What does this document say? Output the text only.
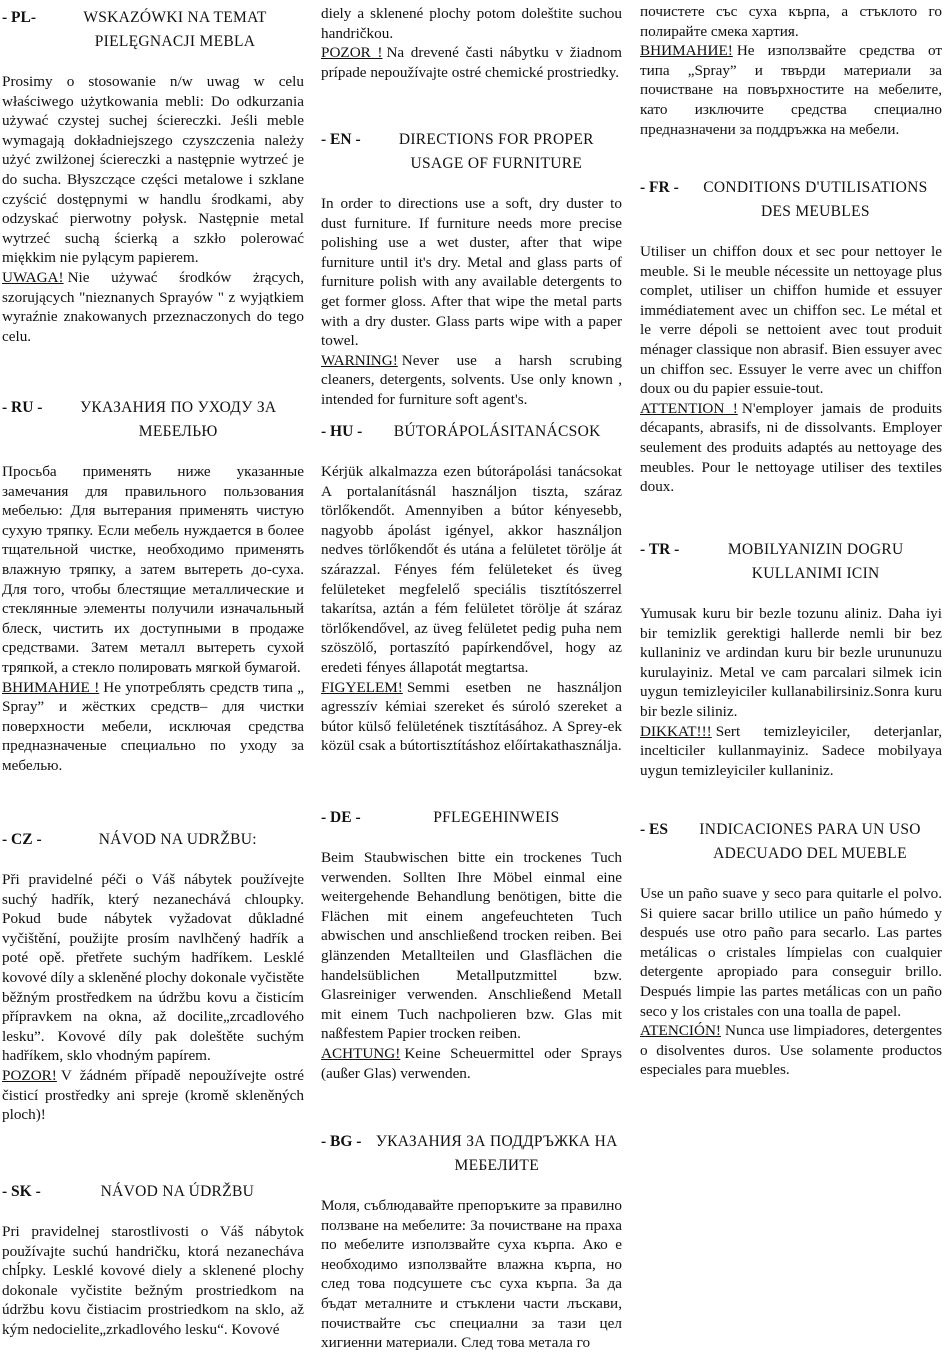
- PL-	WSKAZÓWKI NA TEMAT PIELĘGNACJI MEBLA

Prosimy o stosowanie n/w uwag w celu właściwego użytkowania mebli: Do odkurzania używać czystej suchej ściereczki. Jeśli meble wymagają dokładniejszego czyszczenia należy użyć zwilżonej ściereczki a następnie wytrzeć je do sucha. Błyszczące części metalowe i szklane czyścić dostępnymi w handlu środkami, aby odzyskać pierwotny połysk. Następnie metal wytrzeć suchą ścierką a szkło polerować miękkim nie pylącym papierem.

UWAGA! Nie używać środków żrących, szorujących "nieznanych Sprayów " z wyjątkiem wyraźnie znakowanych przeznaczonych do tego celu.

- RU -	УКАЗАНИЯ ПО УХОДУ ЗА МЕБЕЛЬЮ

Просьба применять ниже указанные замечания для правильного пользования мебелью: Для вытерания применять чистую сухую тряпку. Если мебель нуждается в более тщательной чистке, необходимо применять влажную тряпку, а затем вытереть до-суха. Для того, чтобы блестящие металлические и стеклянные элементы получили изначальный блеск, чистить их доступными в продаже средствами. Затем металл вытереть сухой тряпкой, а стекло полировать мягкой бумагой.

ВНИМАНИЕ ! Не употреблять средств типа „ Spray” и жёстких средств– для чистки поверхности мебели, исключая средства предназначеные специально по уходу за мебелью.

- CZ -	NÁVOD NA UDRŽBU:

Při pravidelné péči o Váš nábytek používejte suchý hadřík, který nezanechává chloupky. Pokud bude nábytek vyžadovat důkladné vyčištění, použijte prosím navlhčený hadřík a poté opě. přetřete suchým hadříkem. Lesklé kovové díly a skleněné plochy dokonale vyčistěte běžným prostředkem na údržbu kovu a čisticím přípravkem na okna, až docilite„zrcadlového lesku”. Kovové díly pak doleštěte suchým hadříkem, sklo vhodným papírem.

POZOR! V žádném případě nepoužívejte ostré čisticí prostředky ani spreje (kromě skleněných ploch)!

- SK -	NÁVOD NA ÚDRŽBU

Pri pravidelnej starostlivosti o Váš nábytok používajte suchú handričku, ktorá nezanecháva chĺpky. Lesklé kovové diely a sklenené plochy dokonale vyčistite bežným prostriedkom na údržbu kovu čistiacim prostriedkom na sklo, až kým nedocielite„zrkadlového lesku“. Kovové

diely a sklenené plochy potom doleštite suchou handričkou.

POZOR ! Na drevené časti nábytku v žiadnom prípade nepoužívajte ostré chemické prostriedky.

- EN -	DIRECTIONS FOR PROPER USAGE OF FURNITURE

In order to directions use a soft, dry duster to dust furniture. If furniture needs more precise polishing use a wet duster, after that wipe furniture until it's dry. Metal and glass parts of furniture polish with any available detergents to get former gloss. After that wipe the metal parts with a dry duster. Glass parts wipe with a paper towel.

WARNING! Never use a harsh scrubing cleaners, detergents, solvents. Use only known , intended for furniture soft agent's.

- HU -	BÚTORÁPOLÁSITANÁCSOK

Kérjük alkalmazza ezen bútorápolási tanácsokat A portalanításnál használjon tiszta, száraz törlőkendőt. Amennyiben a bútor kényesebb, nagyobb ápolást igényel, akkor használjon nedves törlőkendőt és utána a felületet törölje át szárazzal. Fényes fém felületeket és üveg felületeket megfelelő speciális tisztítószerrel takarítsa, aztán a fém felületet törölje át száraz törlőkendővel, az üveg felületet pedig puha nem szöszölő, portaszító papírkendővel, hogy az eredeti fényes állapotát megtartsa.

FIGYELEM! Semmi esetben ne használjon agresszív kémiai szereket és súroló szereket a bútor külső felületének tisztításához. A Sprey-ek közül csak a bútortisztításhoz előírtakathasználja.

- DE -	PFLEGEHINWEIS

Beim Staubwischen bitte ein trockenes Tuch verwenden. Sollten Ihre Möbel einmal eine weitergehende Behandlung benötigen, bitte die Flächen mit einem angefeuchteten Tuch abwischen und anschließend trocken reiben. Bei glänzenden Metallteilen und Glasflächen die handelsüblichen Metallputzmittel bzw. Glasreiniger verwenden. Anschließend Metall mit einem Tuch nachpolieren bzw. Glas mit naßfestem Papier trocken reiben.

ACHTUNG! Keine Scheuermittel oder Sprays (außer Glas) verwenden.

- BG - УКАЗАНИЯ ЗА ПОДДРЪЖКА НА МЕБЕЛИТЕ

Моля, съблюдавайте препоръките за правилно ползване на мебелите: За почистване на праха по мебелите използвайте суха кърпа. Ако е необходимо използвайте влажна кърпа, но след това подсушете със суха кърпа. За да бъдат металните и стъклени части лъскави, почиствайте със специални за тази цел хигиенни материали. След това метала го

почистете със суха кърпа, а стъклото го полирайте смека хартия.

ВНИМАНИЕ! Не използвайте средства от типа „Spray” и твърди материали за почистване на повърхностите на мебелите, като изключите средства специално предназначени за поддръжка на мебели.

- FR -	CONDITIONS D'UTILISATIONS DES MEUBLES

Utiliser un chiffon doux et sec pour nettoyer le meuble. Si le meuble nécessite un nettoyage plus complet, utiliser un chiffon humide et essuyer immédiatement avec un chiffon sec. Le métal et le verre dépoli se nettoient avec tout produit ménager classique non abrasif. Bien essuyer avec un chiffon sec. Essuyer le verre avec un chiffon doux ou du papier essuie-tout.

ATTENTION ! N'employer jamais de produits décapants, abrasifs, ni de dissolvants. Employer seulement des produits adaptés au nettoyage des meubles. Pour le nettoyage utiliser des textiles doux.

- TR -	MOBILYANIZIN DOGRU KULLANIMI ICIN

Yumusak kuru bir bezle tozunu aliniz. Daha iyi bir temizlik gerektigi hallerde nemli bir bez kullaniniz ve ardindan kuru bir bezle urununuzu kurulayiniz. Metal ve cam parcalari silmek icin uygun temizleyiciler kullanabilirsiniz.Sonra kuru bir bezle siliniz.

DIKKAT!!! Sert temizleyiciler, deterjanlar, incelticiler kullanmayiniz. Sadece mobilyaya uygun temizleyiciler kullaniniz.

- ES	INDICACIONES PARA UN USO ADECUADO DEL MUEBLE

Use un paño suave y seco para quitarle el polvo. Si quiere sacar brillo utilice un paño húmedo y después use otro paño para secarlo. Las partes metálicas o cristales límpielas con cualquier detergente apropiado para conseguir brillo. Después limpie las partes metálicas con un paño seco y los cristales con una toalla de papel.

ATENCIÓN! Nunca use limpiadores, detergentes o disolventes duros. Use solamente productos especiales para muebles.
